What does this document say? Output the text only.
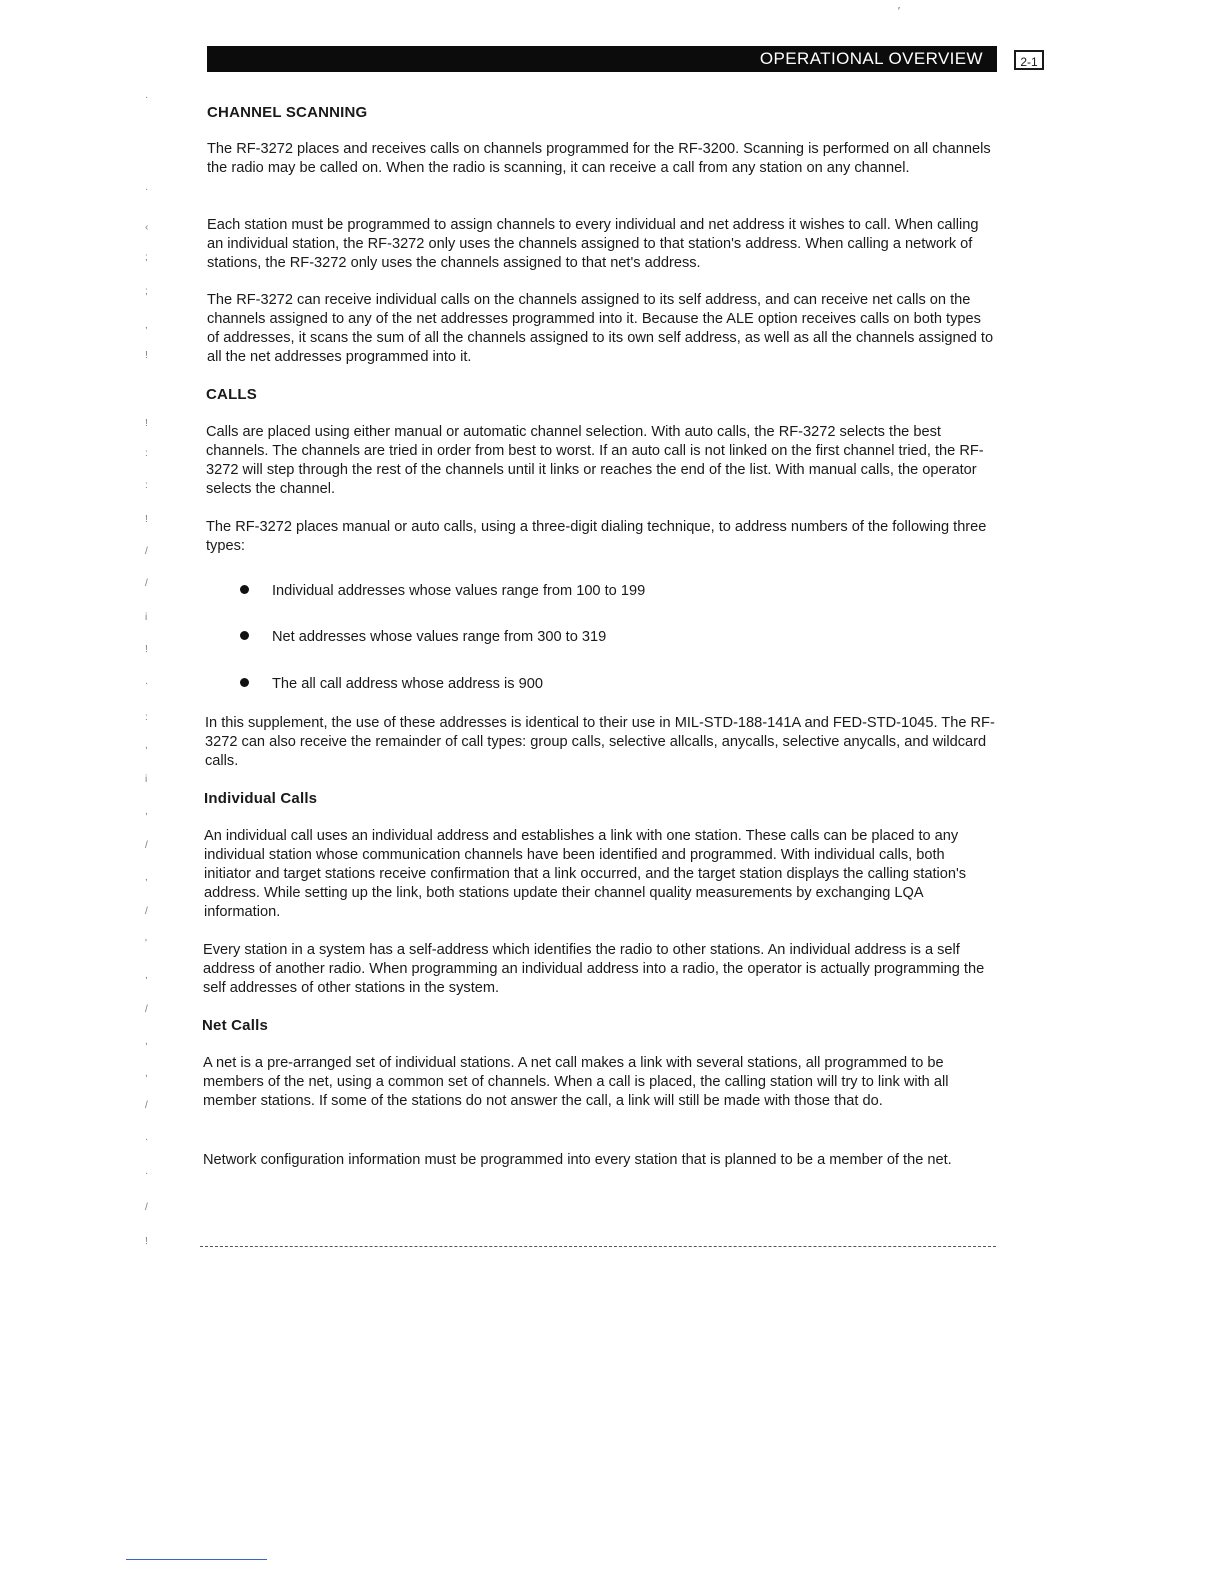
′
OPERATIONAL OVERVIEW	2-1
CHANNEL SCANNING

The RF-3272 places and receives calls on channels programmed for the RF-3200. Scanning is performed on all channels the radio may be called on. When the radio is scanning, it can receive a call from any station on any channel.

Each station must be programmed to assign channels to every individual and net address it wishes to call. When calling an individual station, the RF-3272 only uses the channels assigned to that station's address. When calling a network of stations, the RF-3272 only uses the channels assigned to that net's address.

The RF-3272 can receive individual calls on the channels assigned to its self address, and can receive net calls on the channels assigned to any of the net addresses programmed into it. Because the ALE option receives calls on both types of addresses, it scans the sum of all the channels assigned to its own self address, as well as all the channels assigned to all the net addresses programmed into it.

CALLS

Calls are placed using either manual or automatic channel selection. With auto calls, the RF-3272 selects the best channels. The channels are tried in order from best to worst. If an auto call is not linked on the first channel tried, the RF-3272 will step through the rest of the channels until it links or reaches the end of the list. With manual calls, the operator selects the channel.

The RF-3272 places manual or auto calls, using a three-digit dialing technique, to address numbers of the following three types:

Individual addresses whose values range from 100 to 199
Net addresses whose values range from 300 to 319
The all call address whose address is 900

In this supplement, the use of these addresses is identical to their use in MIL-STD-188-141A and FED-STD-1045. The RF-3272 can also receive the remainder of call types: group calls, selective allcalls, anycalls, selective anycalls, and wildcard calls.

Individual Calls

An individual call uses an individual address and establishes a link with one station. These calls can be placed to any individual station whose communication channels have been identified and programmed. With individual calls, both initiator and target stations receive confirmation that a link occurred, and the target station displays the calling station's address. While setting up the link, both stations update their channel quality measurements by exchanging LQA information.

Every station in a system has a self-address which identifies the radio to other stations. An individual address is a self address of another radio. When programming an individual address into a radio, the operator is actually programming the self addresses of other stations in the system.

Net Calls

A net is a pre-arranged set of individual stations. A net call makes a link with several stations, all programmed to be members of the net, using a common set of channels. When a call is placed, the calling station will try to link with all member stations. If some of the stations do not answer the call, a link will still be made with those that do.

Network configuration information must be programmed into every station that is planned to be a member of the net.

·
·
‹
;
;
,
!
!
:
:
!
/
/
i
!
·
:
,
i
,
/
,
/
'
,
/
,
,
/
·
·
/
!
